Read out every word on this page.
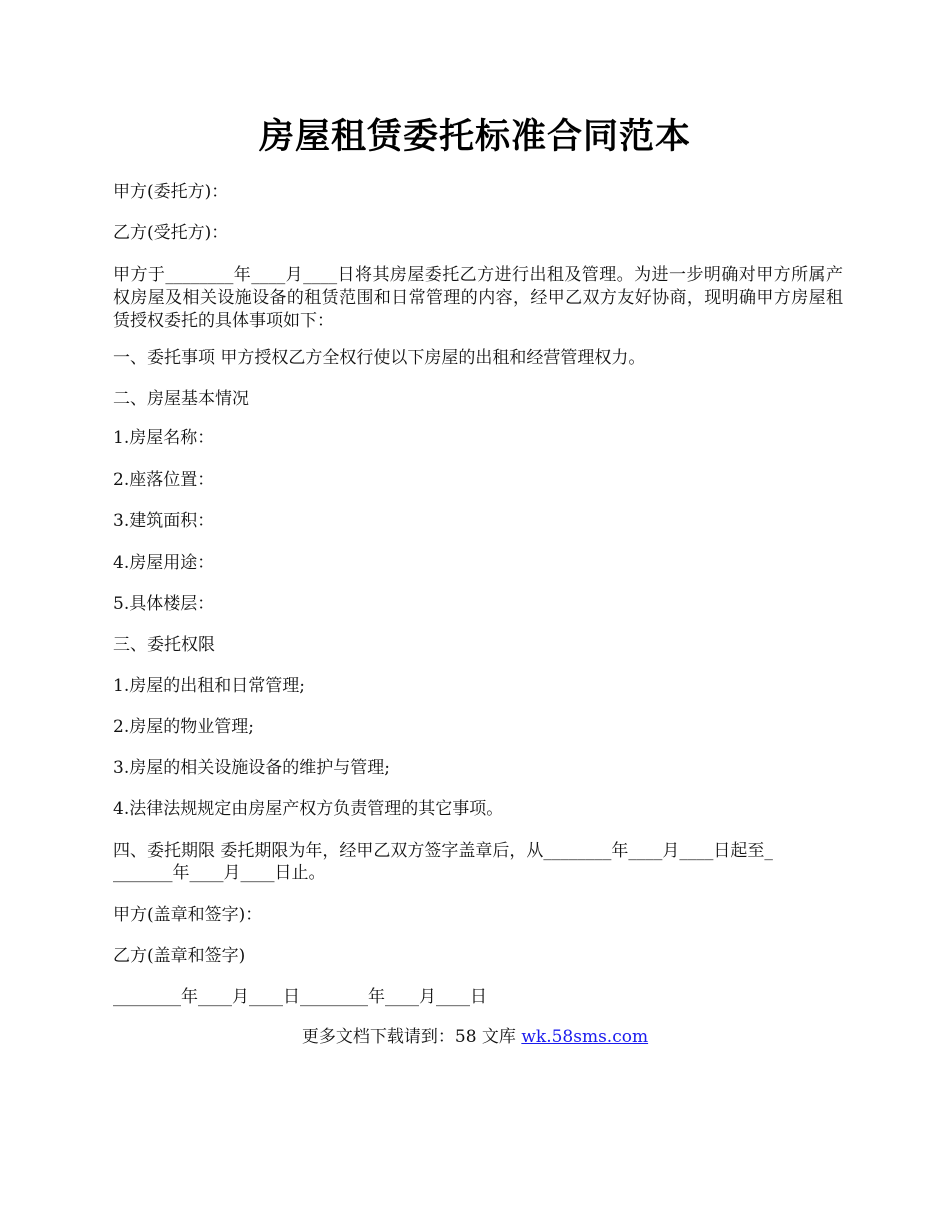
房屋租赁委托标准合同范本
甲方(委托方)：
乙方(受托方)：
甲方于________年____月____日将其房屋委托乙方进行出租及管理。为进一步明确对甲方所属产权房屋及相关设施设备的租赁范围和日常管理的内容，经甲乙双方友好协商，现明确甲方房屋租赁授权委托的具体事项如下：
一、委托事项 甲方授权乙方全权行使以下房屋的出租和经营管理权力。
二、房屋基本情况
1.房屋名称：
2.座落位置：
3.建筑面积：
4.房屋用途：
5.具体楼层：
三、委托权限
1.房屋的出租和日常管理;
2.房屋的物业管理;
3.房屋的相关设施设备的维护与管理;
4.法律法规规定由房屋产权方负责管理的其它事项。
四、委托期限 委托期限为年，经甲乙双方签字盖章后，从________年____月____日起至_
_______年____月____日止。
甲方(盖章和签字)：
乙方(盖章和签字)
________年____月____日________年____月____日
更多文档下载请到：58 文库 wk.58sms.com
